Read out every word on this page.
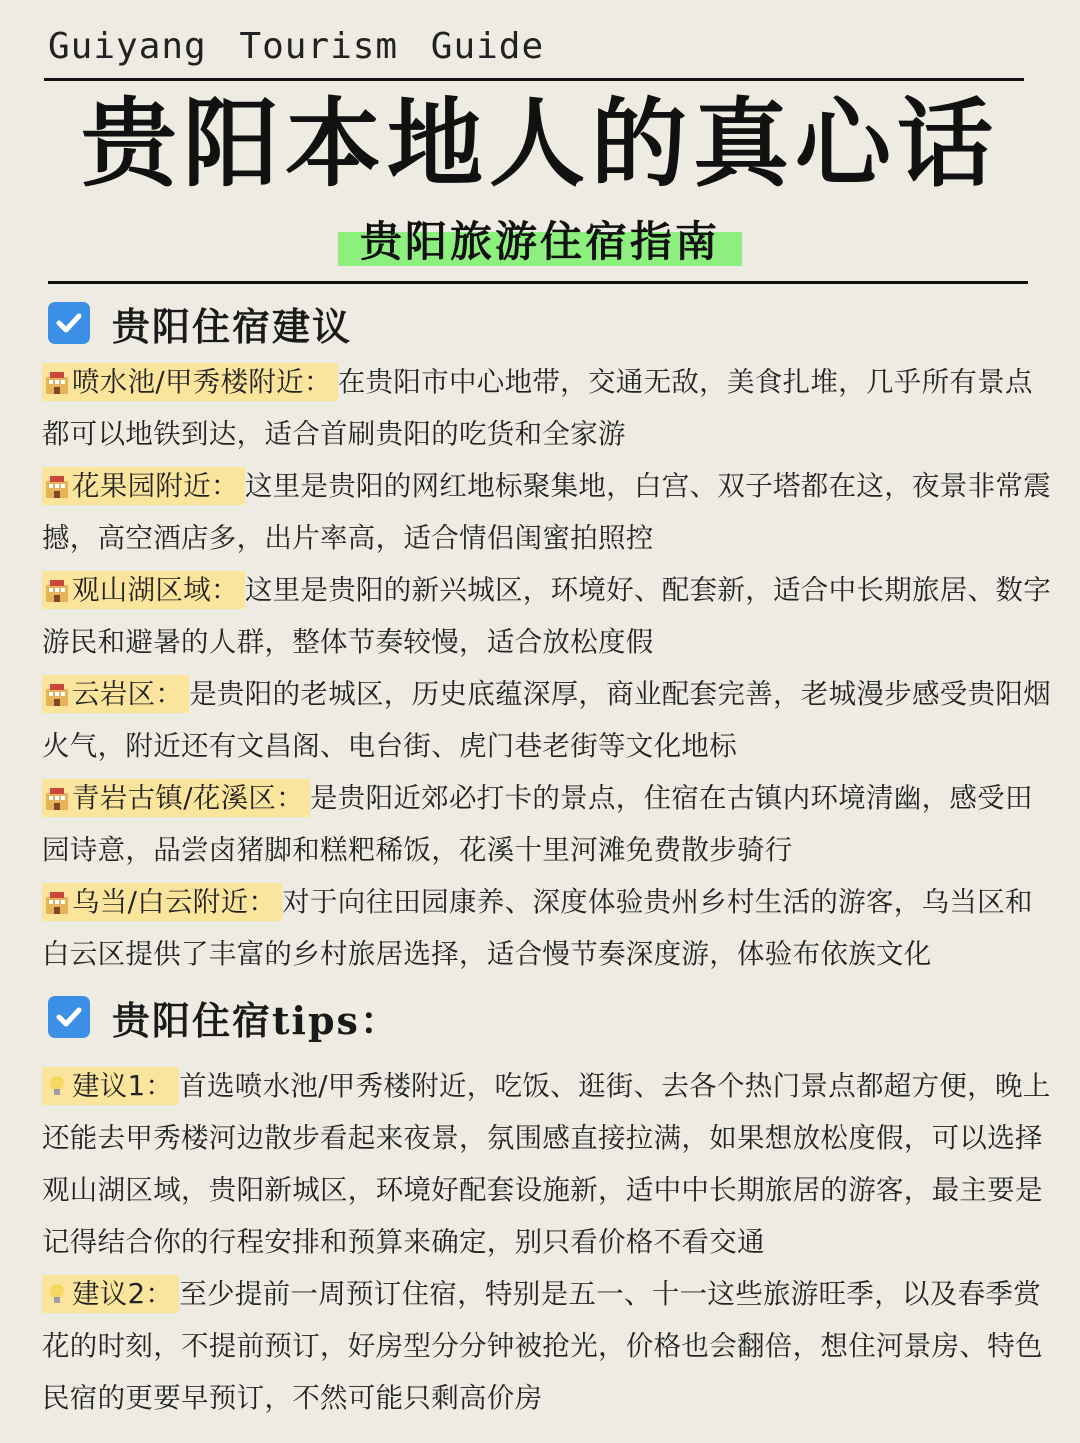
Guiyang Tourism Guide
贵阳本地人的真心话
贵阳旅游住宿指南
贵阳住宿建议
喷水池/甲秀楼附近： 在贵阳市中心地带，交通无敌，美食扎堆，几乎所有景点都可以地铁到达，适合首刷贵阳的吃货和全家游
花果园附近： 这里是贵阳的网红地标聚集地，白宫、双子塔都在这，夜景非常震撼，高空酒店多，出片率高，适合情侣闺蜜拍照控
观山湖区域： 这里是贵阳的新兴城区，环境好、配套新，适合中长期旅居、数字游民和避暑的人群，整体节奏较慢，适合放松度假
云岩区： 是贵阳的老城区，历史底蕴深厚，商业配套完善，老城漫步感受贵阳烟火气，附近还有文昌阁、电台街、虎门巷老街等文化地标
青岩古镇/花溪区： 是贵阳近郊必打卡的景点，住宿在古镇内环境清幽，感受田园诗意，品尝卤猪脚和糕粑稀饭，花溪十里河滩免费散步骑行
乌当/白云附近： 对于向往田园康养、深度体验贵州乡村生活的游客，乌当区和白云区提供了丰富的乡村旅居选择，适合慢节奏深度游，体验布依族文化
贵阳住宿tips：
建议1： 首选喷水池/甲秀楼附近，吃饭、逛街、去各个热门景点都超方便，晚上还能去甲秀楼河边散步看起来夜景，氛围感直接拉满，如果想放松度假，可以选择观山湖区域，贵阳新城区，环境好配套设施新，适中中长期旅居的游客，最主要是记得结合你的行程安排和预算来确定，别只看价格不看交通
建议2： 至少提前一周预订住宿，特别是五一、十一这些旅游旺季，以及春季赏花的时刻，不提前预订，好房型分分钟被抢光，价格也会翻倍，想住河景房、特色民宿的更要早预订，不然可能只剩高价房
